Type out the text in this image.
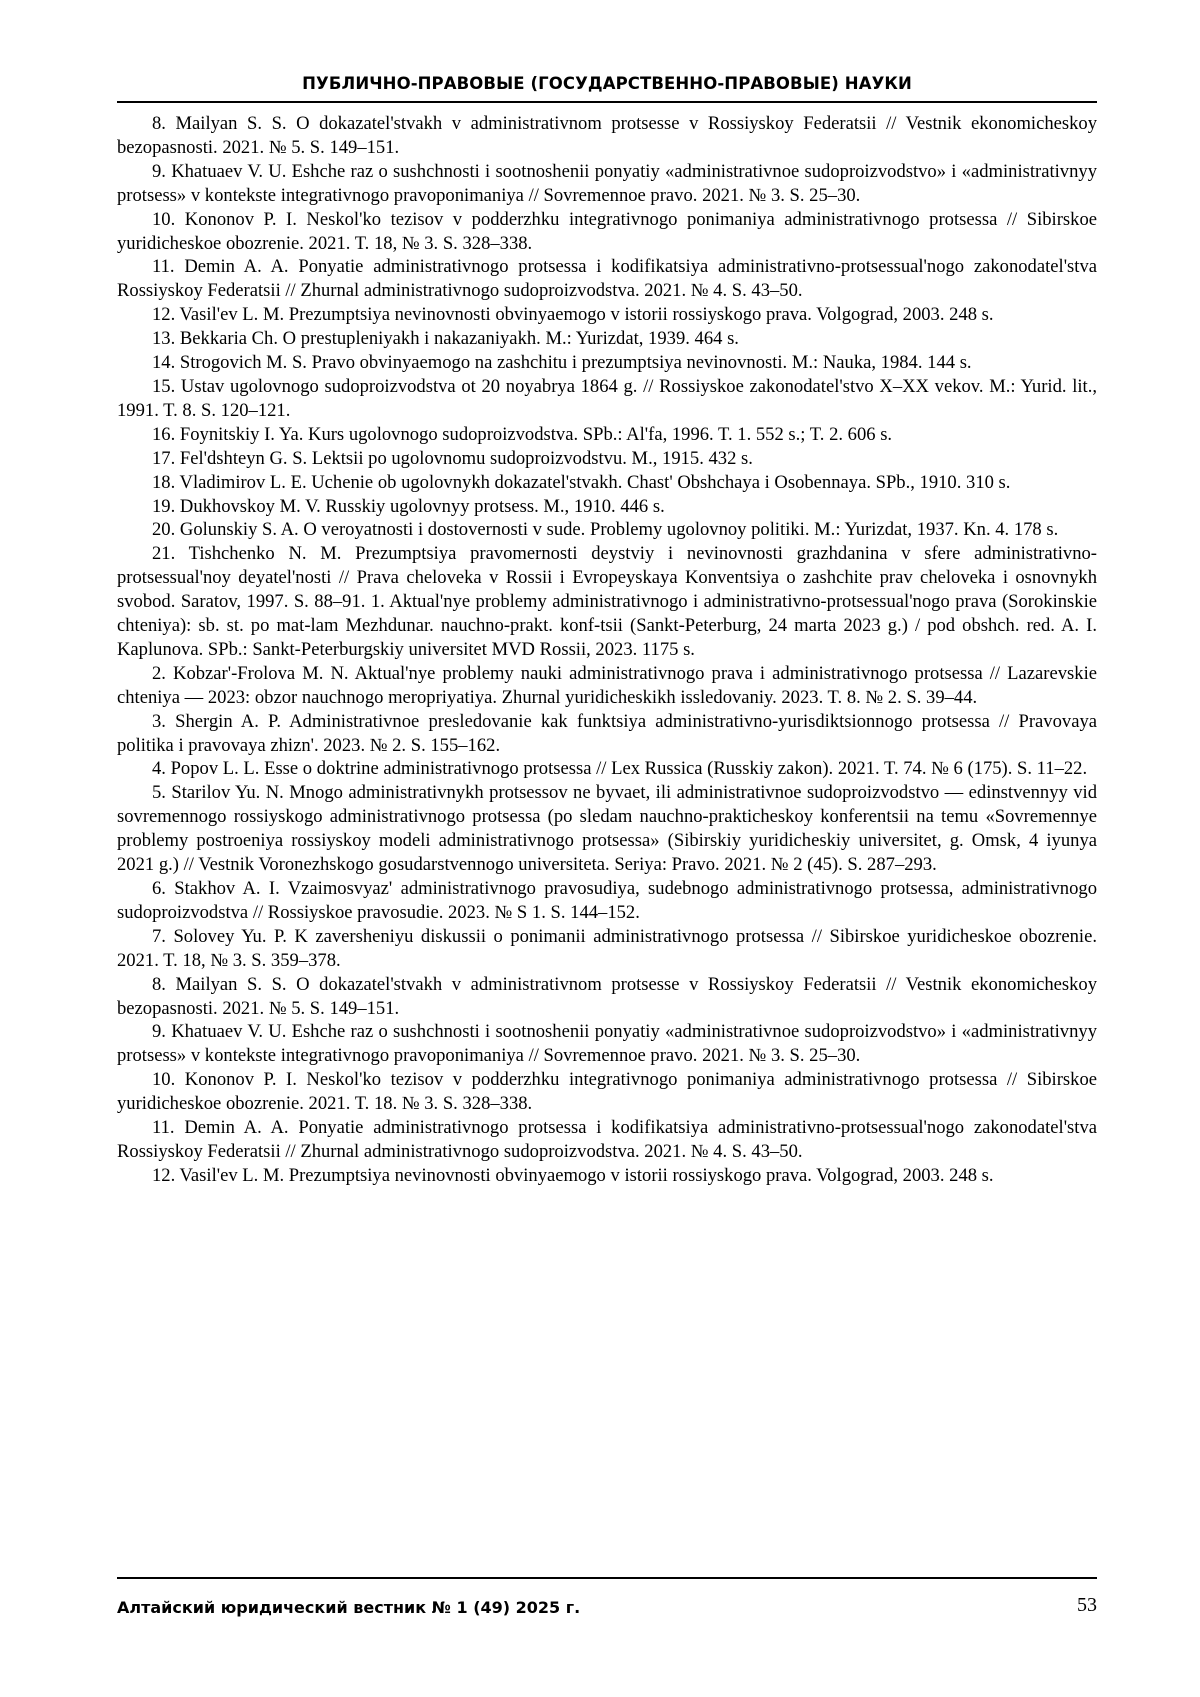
ПУБЛИЧНО-ПРАВОВЫЕ (ГОСУДАРСТВЕННО-ПРАВОВЫЕ) НАУКИ

8. Mailyan S. S. O dokazatel'stvakh v administrativnom protsesse v Rossiyskoy Federatsii // Vestnik ekonomicheskoy bezopasnosti. 2021. № 5. S. 149–151.

9. Khatuaev V. U. Eshche raz o sushchnosti i sootnoshenii ponyatiy «administrativnoe sudoproizvodstvo» i «administrativnyy protsess» v kontekste integrativnogo pravoponimaniya // Sovremennoe pravo. 2021. № 3. S. 25–30.

10. Kononov P. I. Neskol'ko tezisov v podderzhku integrativnogo ponimaniya administrativnogo protsessa // Sibirskoe yuridicheskoe obozrenie. 2021. T. 18, № 3. S. 328–338.

11. Demin A. A. Ponyatie administrativnogo protsessa i kodifikatsiya administrativno-protsessual'nogo zakonodatel'stva Rossiyskoy Federatsii // Zhurnal administrativnogo sudoproizvodstva. 2021. № 4. S. 43–50.

12. Vasil'ev L. M. Prezumptsiya nevinovnosti obvinyaemogo v istorii rossiyskogo prava. Volgograd, 2003. 248 s.

13. Bekkaria Ch. O prestupleniyakh i nakazaniyakh. M.: Yurizdat, 1939. 464 s.

14. Strogovich M. S. Pravo obvinyaemogo na zashchitu i prezumptsiya nevinovnosti. M.: Nauka, 1984. 144 s.

15. Ustav ugolovnogo sudoproizvodstva ot 20 noyabrya 1864 g. // Rossiyskoe zakonodatel'stvo X–XX vekov. M.: Yurid. lit., 1991. T. 8. S. 120–121.

16. Foynitskiy I. Ya. Kurs ugolovnogo sudoproizvodstva. SPb.: Al'fa, 1996. T. 1. 552 s.; T. 2. 606 s.

17. Fel'dshteyn G. S. Lektsii po ugolovnomu sudoproizvodstvu. M., 1915. 432 s.

18. Vladimirov L. E. Uchenie ob ugolovnykh dokazatel'stvakh. Chast' Obshchaya i Osobennaya. SPb., 1910. 310 s.

19. Dukhovskoy M. V. Russkiy ugolovnyy protsess. M., 1910. 446 s.

20. Golunskiy S. A. O veroyatnosti i dostovernosti v sude. Problemy ugolovnoy politiki. M.: Yurizdat, 1937. Kn. 4. 178 s.

21. Tishchenko N. M. Prezumptsiya pravomernosti deystviy i nevinovnosti grazhdanina v sfere administrativno-protsessual'noy deyatel'nosti // Prava cheloveka v Rossii i Evropeyskaya Konventsiya o zashchite prav cheloveka i osnovnykh svobod. Saratov, 1997. S. 88–91. 1. Aktual'nye problemy administrativnogo i administrativno-protsessual'nogo prava (Sorokinskie chteniya): sb. st. po mat-lam Mezhdunar. nauchno-prakt. konf-tsii (Sankt-Peterburg, 24 marta 2023 g.) / pod obshch. red. A. I. Kaplunova. SPb.: Sankt-Peterburgskiy universitet MVD Rossii, 2023. 1175 s.

2. Kobzar'-Frolova M. N. Aktual'nye problemy nauki administrativnogo prava i administrativnogo protsessa // Lazarevskie chteniya — 2023: obzor nauchnogo meropriyatiya. Zhurnal yuridicheskikh issledovaniy. 2023. T. 8. № 2. S. 39–44.

3. Shergin A. P. Administrativnoe presledovanie kak funktsiya administrativno-yurisdiktsionnogo protsessa // Pravovaya politika i pravovaya zhizn'. 2023. № 2. S. 155–162.

4. Popov L. L. Esse o doktrine administrativnogo protsessa // Lex Russica (Russkiy zakon). 2021. T. 74. № 6 (175). S. 11–22.

5. Starilov Yu. N. Mnogo administrativnykh protsessov ne byvaet, ili administrativnoe sudoproizvodstvo — edinstvennyy vid sovremennogo rossiyskogo administrativnogo protsessa (po sledam nauchno-prakticheskoy konferentsii na temu «Sovremennye problemy postroeniya rossiyskoy modeli administrativnogo protsessa» (Sibirskiy yuridicheskiy universitet, g. Omsk, 4 iyunya 2021 g.) // Vestnik Voronezhskogo gosudarstvennogo universiteta. Seriya: Pravo. 2021. № 2 (45). S. 287–293.

6. Stakhov A. I. Vzaimosvyaz' administrativnogo pravosudiya, sudebnogo administrativnogo protsessa, administrativnogo sudoproizvodstva // Rossiyskoe pravosudie. 2023. № S 1. S. 144–152.

7. Solovey Yu. P. K zaversheniyu diskussii o ponimanii administrativnogo protsessa // Sibirskoe yuridicheskoe obozrenie. 2021. T. 18, № 3. S. 359–378.

8. Mailyan S. S. O dokazatel'stvakh v administrativnom protsesse v Rossiyskoy Federatsii // Vestnik ekonomicheskoy bezopasnosti. 2021. № 5. S. 149–151.

9. Khatuaev V. U. Eshche raz o sushchnosti i sootnoshenii ponyatiy «administrativnoe sudoproizvodstvo» i «administrativnyy protsess» v kontekste integrativnogo pravoponimaniya // Sovremennoe pravo. 2021. № 3. S. 25–30.

10. Kononov P. I. Neskol'ko tezisov v podderzhku integrativnogo ponimaniya administrativnogo protsessa // Sibirskoe yuridicheskoe obozrenie. 2021. T. 18. № 3. S. 328–338.

11. Demin A. A. Ponyatie administrativnogo protsessa i kodifikatsiya administrativno-protsessual'nogo zakonodatel'stva Rossiyskoy Federatsii // Zhurnal administrativnogo sudoproizvodstva. 2021. № 4. S. 43–50.

12. Vasil'ev L. M. Prezumptsiya nevinovnosti obvinyaemogo v istorii rossiyskogo prava. Volgograd, 2003. 248 s.

Алтайский юридический вестник № 1 (49) 2025 г.	53
